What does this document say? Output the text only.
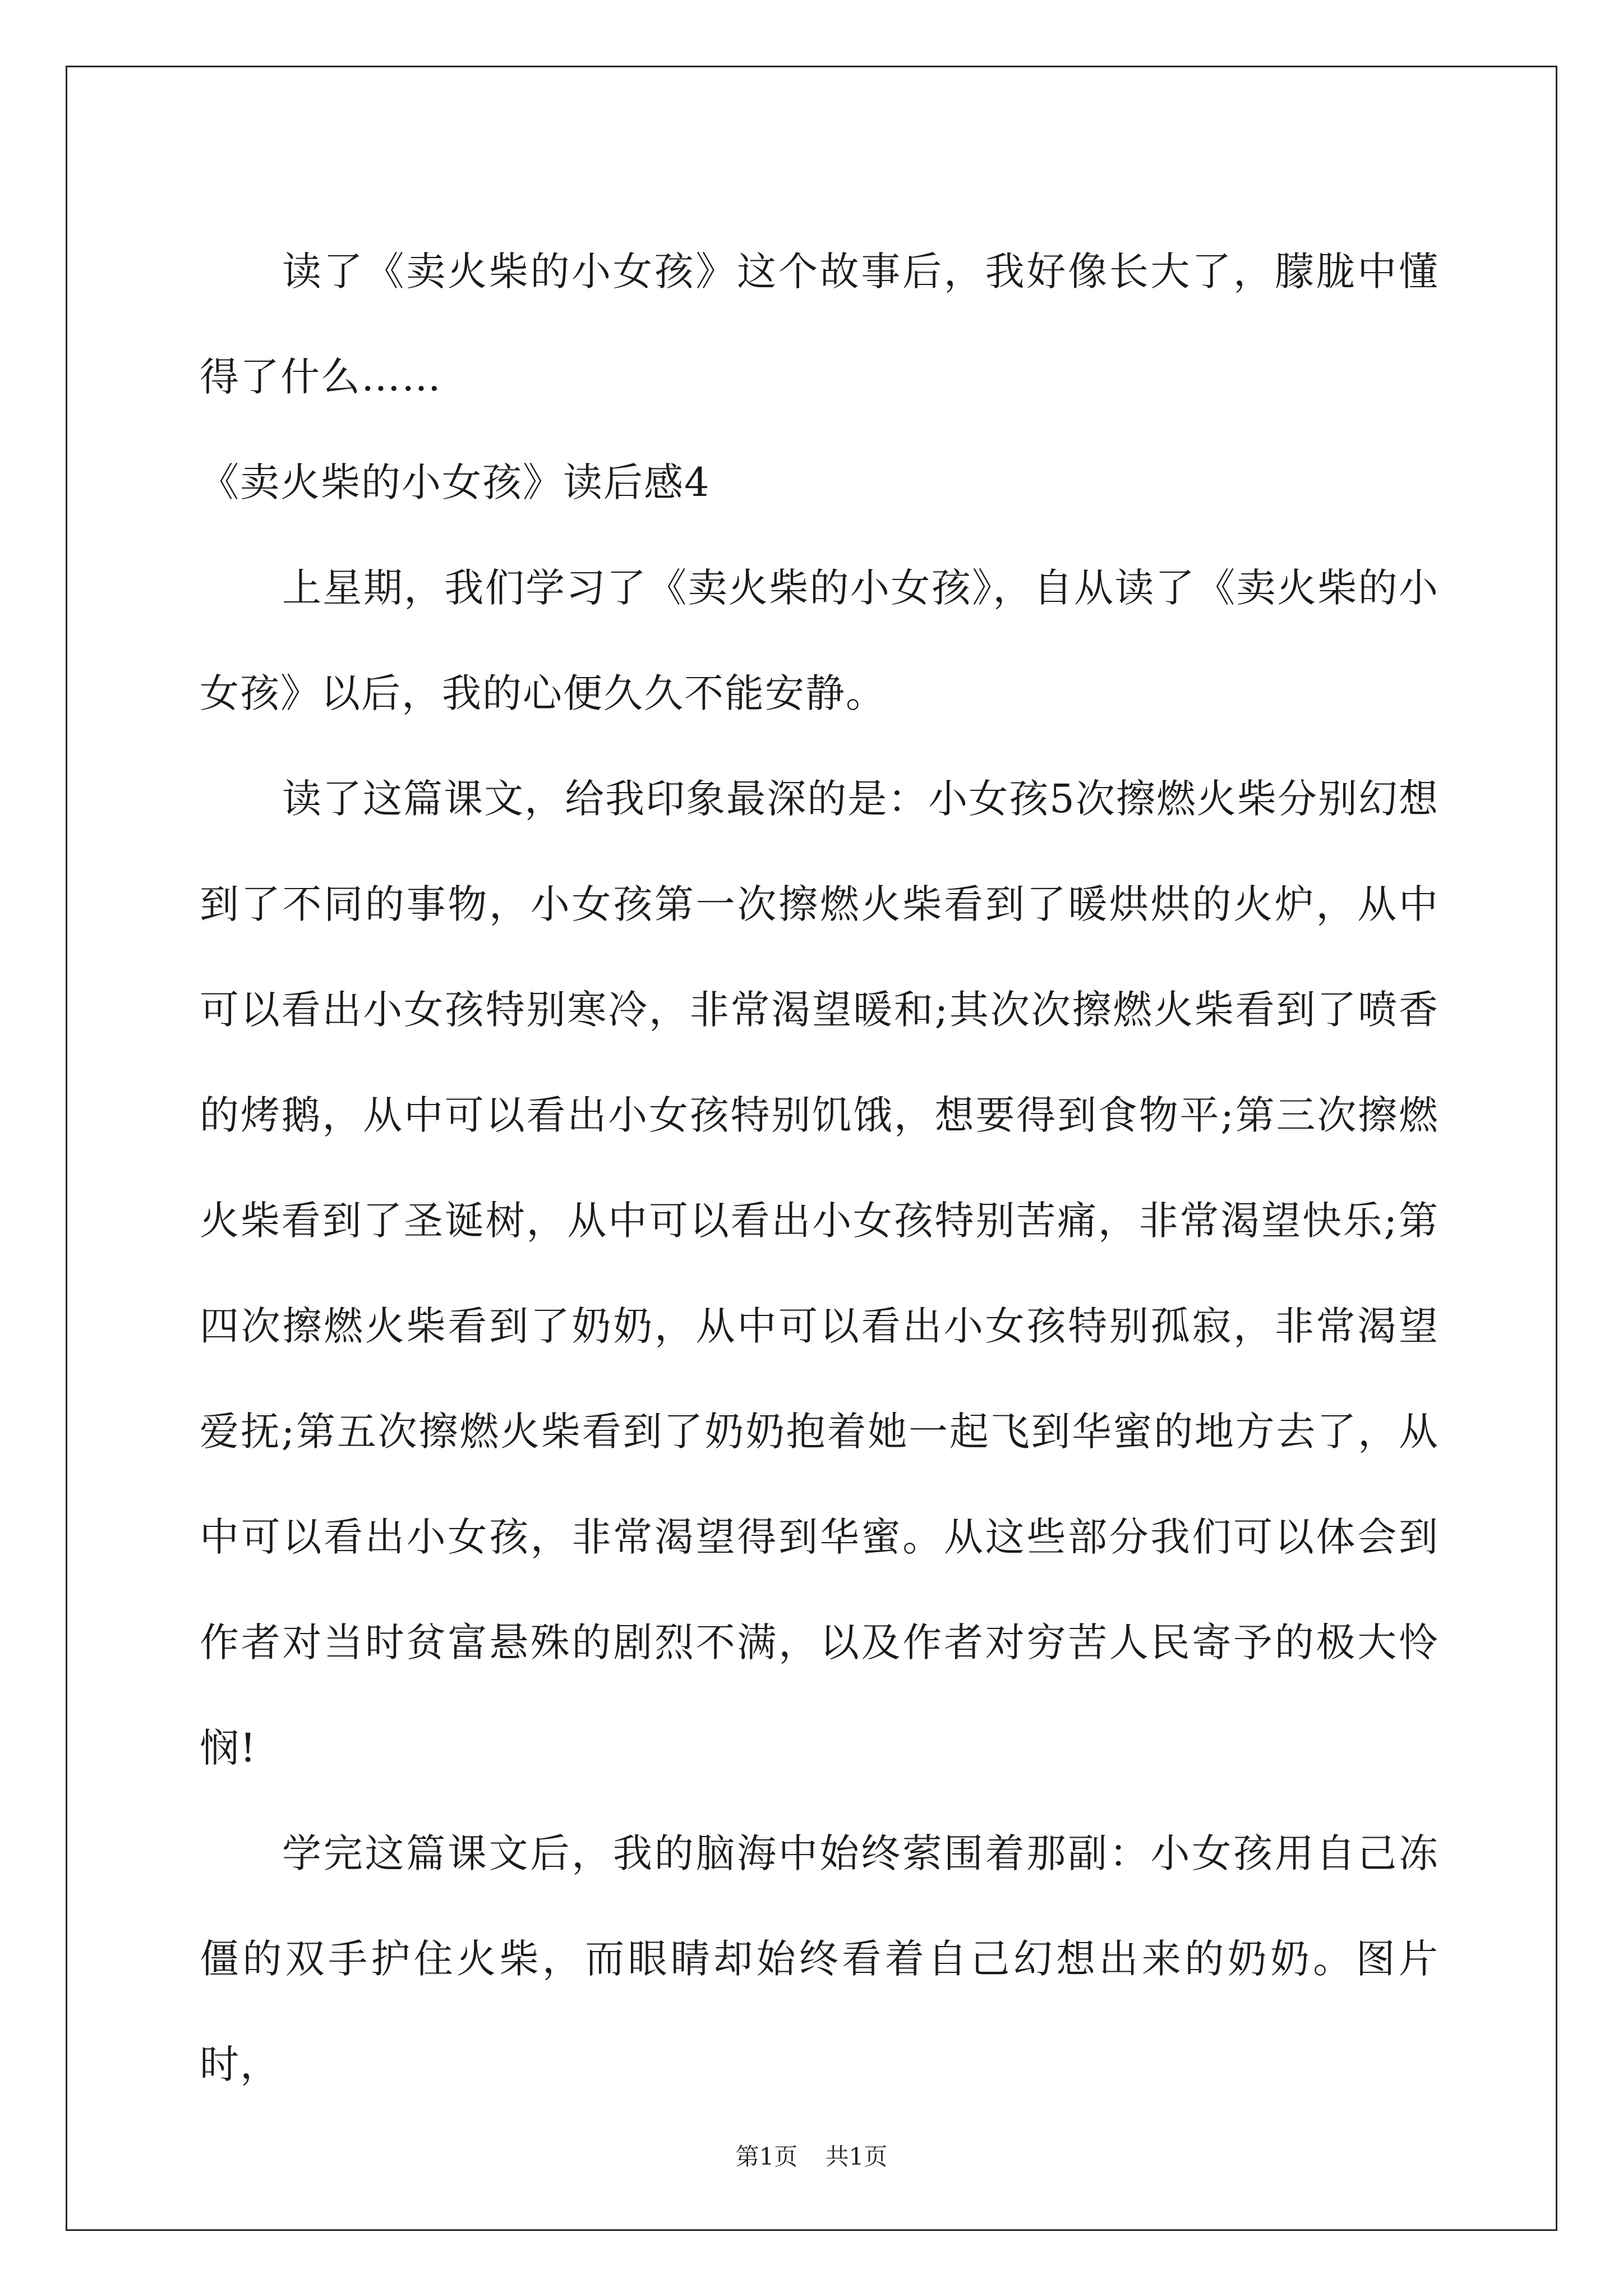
读了《卖火柴的小女孩》这个故事后，我好像长大了，朦胧中懂得了什么……

《卖火柴的小女孩》读后感4

上星期，我们学习了《卖火柴的小女孩》，自从读了《卖火柴的小女孩》以后，我的心便久久不能安静。

读了这篇课文，给我印象最深的是：小女孩5次擦燃火柴分别幻想到了不同的事物，小女孩第一次擦燃火柴看到了暖烘烘的火炉，从中可以看出小女孩特别寒冷，非常渴望暖和;其次次擦燃火柴看到了喷香的烤鹅，从中可以看出小女孩特别饥饿，想要得到食物平;第三次擦燃火柴看到了圣诞树，从中可以看出小女孩特别苦痛，非常渴望快乐;第四次擦燃火柴看到了奶奶，从中可以看出小女孩特别孤寂，非常渴望爱抚;第五次擦燃火柴看到了奶奶抱着她一起飞到华蜜的地方去了，从中可以看出小女孩，非常渴望得到华蜜。从这些部分我们可以体会到作者对当时贫富悬殊的剧烈不满，以及作者对穷苦人民寄予的极大怜悯!

学完这篇课文后，我的脑海中始终萦围着那副：小女孩用自己冻僵的双手护住火柴，而眼睛却始终看着自己幻想出来的奶奶。图片时，

第1页 共1页
